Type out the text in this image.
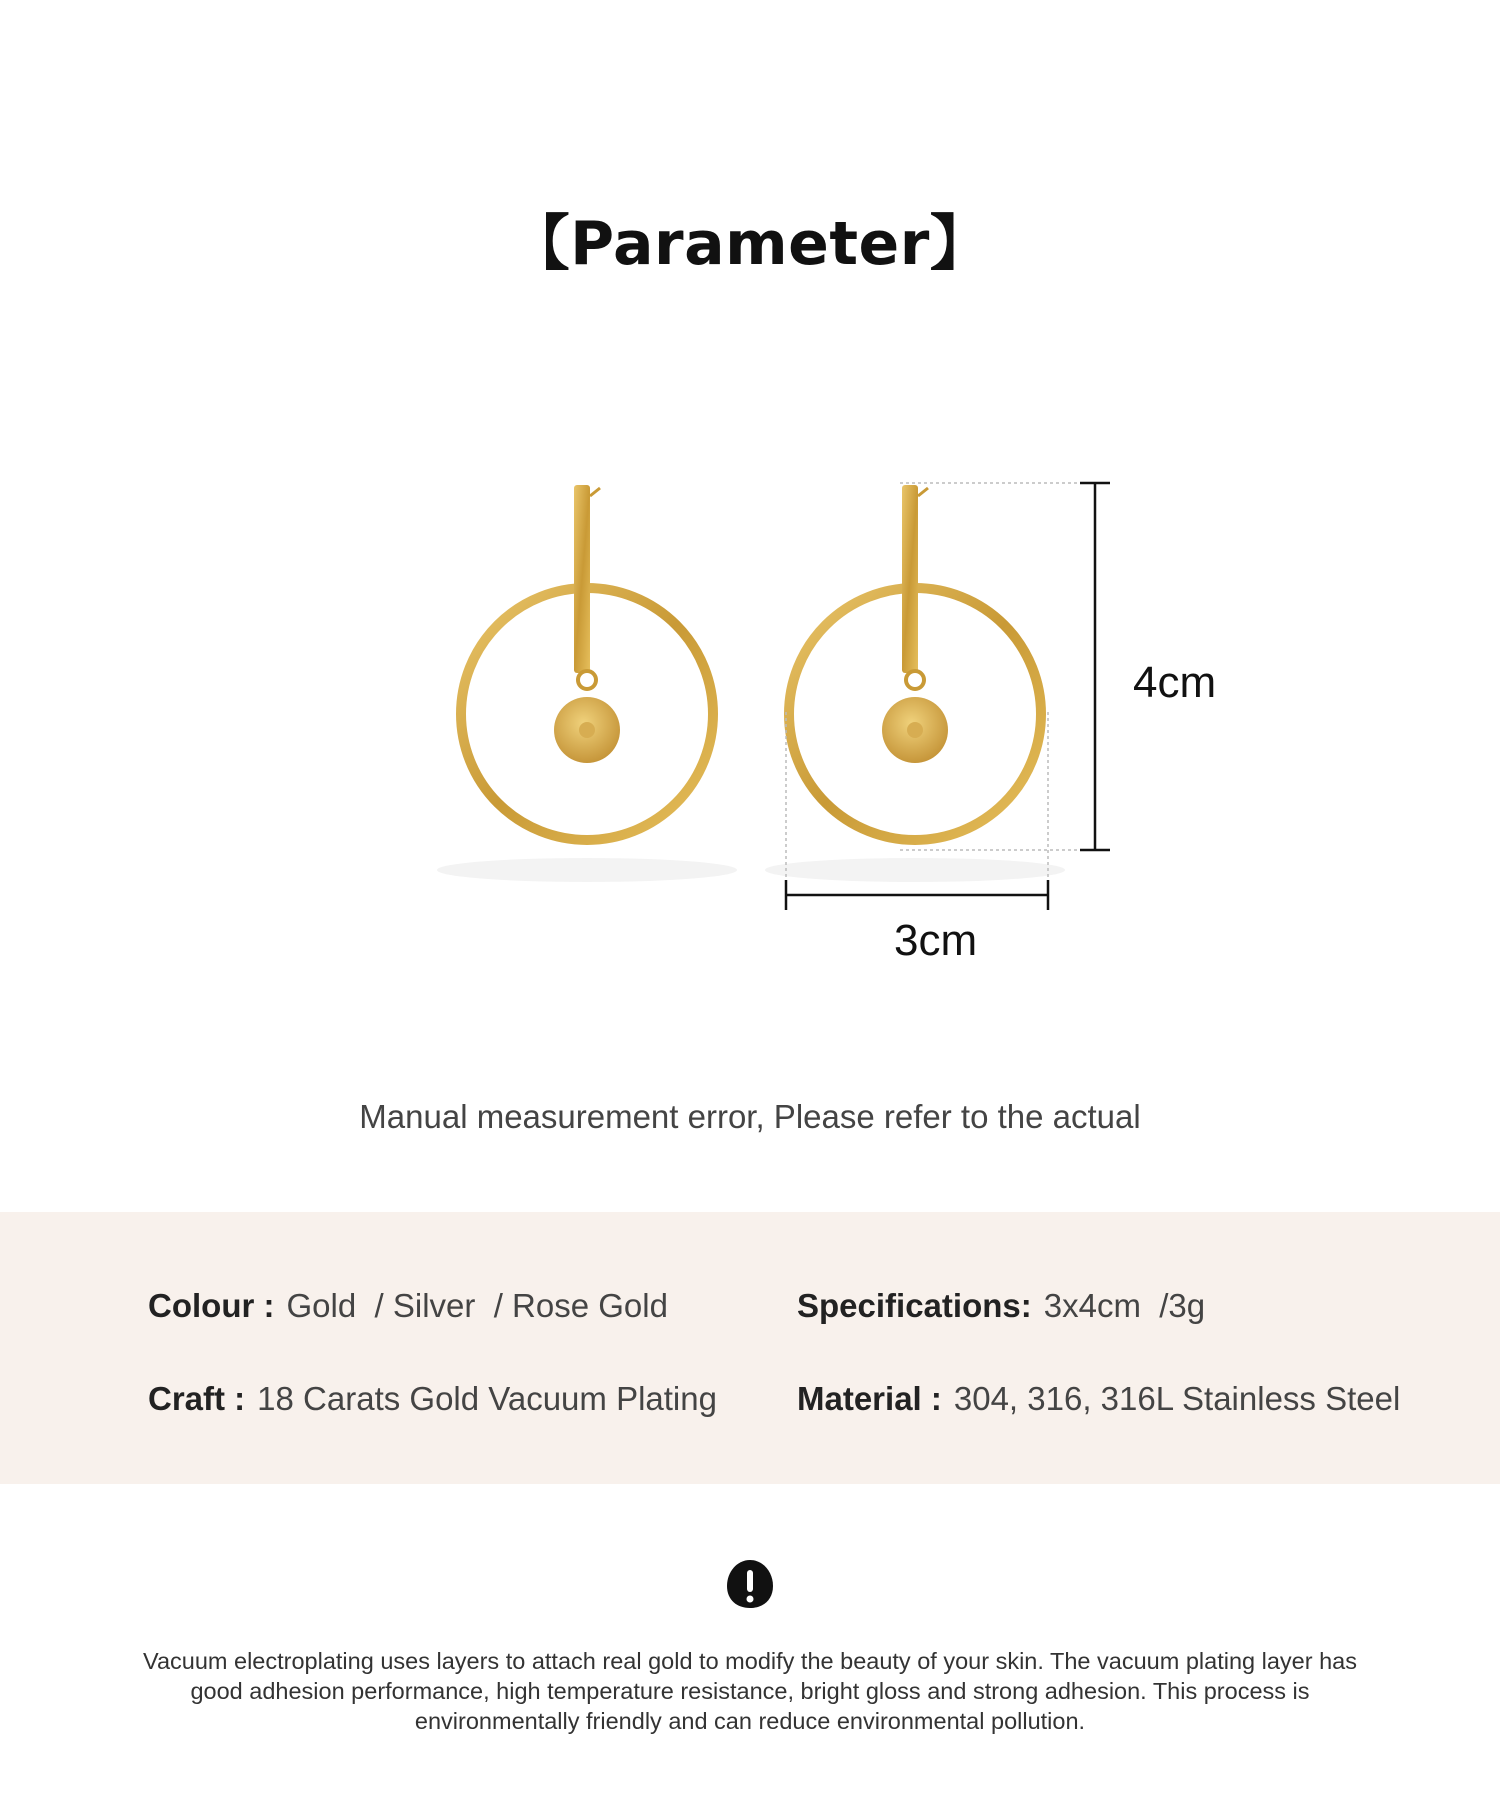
【Parameter】
4cm
3cm
Manual measurement error, Please refer to the actual
Colour : Gold  / Silver  / Rose Gold	Specifications: 3x4cm  /3g
Craft : 18 Carats Gold Vacuum Plating Material : 304, 316, 316L Stainless Steel
Vacuum electroplating uses layers to attach real gold to modify the beauty of your skin. The vacuum plating layer has good adhesion performance, high temperature resistance, bright gloss and strong adhesion. This process is environmentally friendly and can reduce environmental pollution.
